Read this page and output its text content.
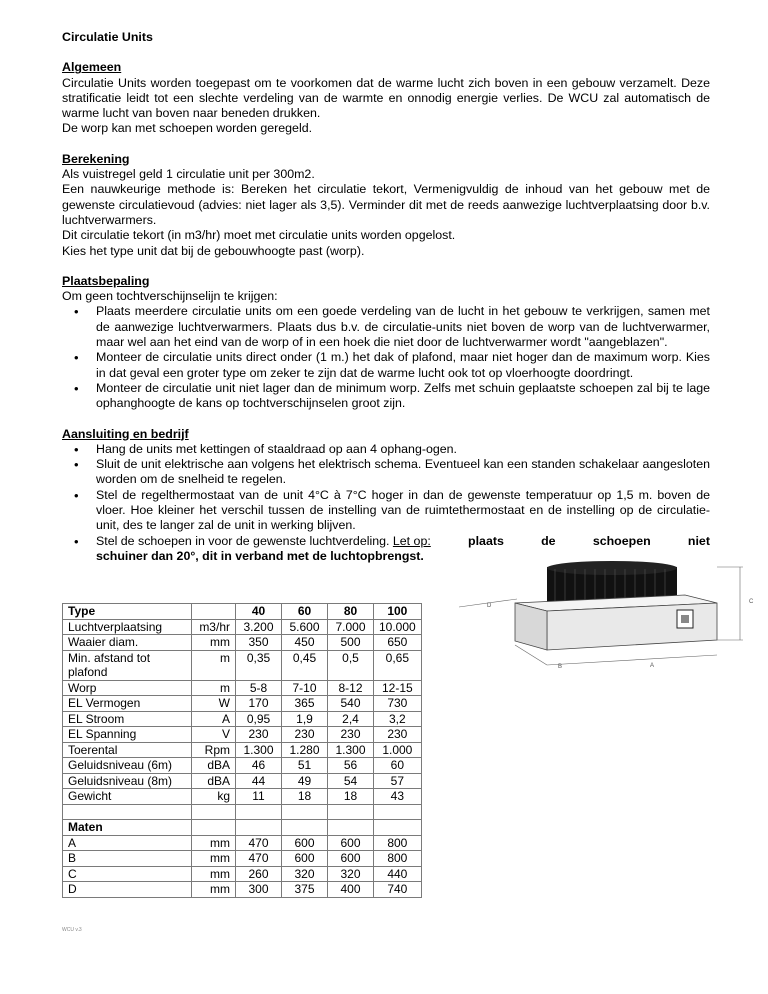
Circulatie Units
Algemeen

Circulatie Units worden toegepast om te voorkomen dat de warme lucht zich boven in een gebouw verzamelt. Deze stratificatie leidt tot een slechte verdeling van de warmte en onnodig energie verlies. De WCU zal automatisch de warme lucht van boven naar beneden drukken.

De worp kan met schoepen worden geregeld.

Berekening

Als vuistregel geld 1 circulatie unit per 300m2.

Een nauwkeurige methode is: Bereken het circulatie tekort, Vermenigvuldig de inhoud van het gebouw met de gewenste circulatievoud (advies: niet lager als 3,5). Verminder dit met de reeds aanwezige luchtverplaatsing door b.v. luchtverwarmers.

Dit circulatie tekort (in m3/hr) moet met circulatie units worden opgelost.

Kies het type unit dat bij de gebouwhoogte past (worp).

Plaatsbepaling

Om geen tochtverschijnselijn te krijgen:

• Plaats meerdere circulatie units om een goede verdeling van de lucht in het gebouw te verkrijgen, samen met de aanwezige luchtverwarmers. Plaats dus b.v. de circulatie-units niet boven de worp van de luchtverwarmer, maar wel aan het eind van de worp of in een hoek die niet door de luchtverwarmer wordt "aangeblazen".
• Monteer de circulatie units direct onder (1 m.) het dak of plafond, maar niet hoger dan de maximum worp. Kies in dat geval een groter type om zeker te zijn dat de warme lucht ook tot op vloerhoogte doordringt.
• Monteer de circulatie unit niet lager dan de minimum worp. Zelfs met schuin geplaatste schoepen zal bij te lage ophanghoogte de kans op tochtverschijnselen groot zijn.
Aansluiting en bedrijf
• Hang de units met kettingen of staaldraad op aan 4 ophang-ogen.
• Sluit de unit elektrische aan volgens het elektrisch schema. Eventueel kan een standen schakelaar aangesloten worden om de snelheid te regelen.
• Stel de regelthermostaat van de unit 4°C à 7°C hoger in dan de gewenste temperatuur op 1,5 m. boven de vloer. Hoe kleiner het verschil tussen de instelling van de ruimtethermostaat en de instelling op de circulatie-unit, des te langer zal de unit in werking blijven.
• Stel de schoepen in voor de gewenste luchtverdeling. Let op:	plaats	de	schoepen	niet
schuiner dan 20°, dit in verband met de luchtopbrengst.
Type		40	60	80	100
Luchtverplaatsing	m3/hr	3.200	5.600	7.000	10.000
Waaier diam.	mm	350	450	500	650
Min. afstand tot plafond	m	0,35	0,45	0,5	0,65
Worp	m	5-8	7-10	8-12	12-15
EL Vermogen	W	170	365	540	730
EL Stroom	A	0,95	1,9	2,4	3,2
EL Spanning	V	230	230	230	230
Toerental	Rpm	1.300	1.280	1.300	1.000
Geluidsniveau (6m)	dBA	46	51	56	60
Geluidsniveau (8m)	dBA	44	49	54	57
Gewicht	kg	11	18	18	43

Maten					
A	mm	470	600	600	800
B	mm	470	600	600	800
C	mm	260	320	320	440
D	mm	300	375	400	740
D
C
B	A
WCU v.3
